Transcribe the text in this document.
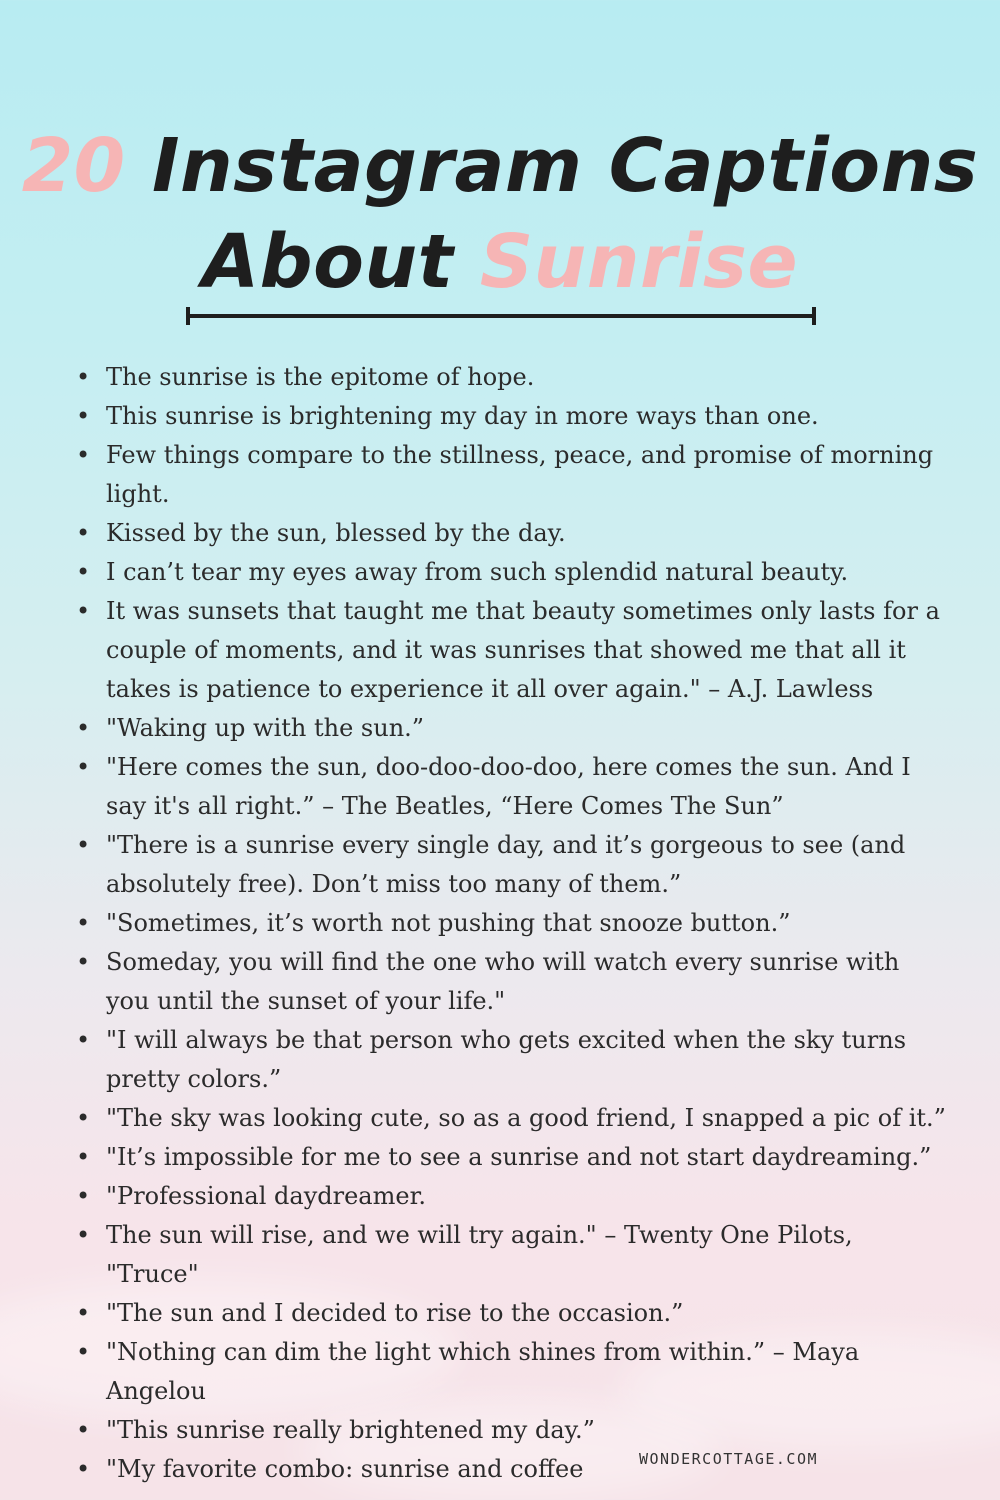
20 Instagram Captions
About Sunrise
• The sunrise is the epitome of hope.
• This sunrise is brightening my day in more ways than one.
• Few things compare to the stillness, peace, and promise of morning light.
• Kissed by the sun, blessed by the day.
• I can’t tear my eyes away from such splendid natural beauty.
• It was sunsets that taught me that beauty sometimes only lasts for a couple of moments, and it was sunrises that showed me that all it takes is patience to experience it all over again." – A.J. Lawless
• "Waking up with the sun.”
• "Here comes the sun, doo-doo-doo-doo, here comes the sun. And I say it's all right.” – The Beatles, “Here Comes The Sun”
• "There is a sunrise every single day, and it’s gorgeous to see (and absolutely free). Don’t miss too many of them.”
• "Sometimes, it’s worth not pushing that snooze button.”
• Someday, you will find the one who will watch every sunrise with you until the sunset of your life."
• "I will always be that person who gets excited when the sky turns pretty colors.”
• "The sky was looking cute, so as a good friend, I snapped a pic of it.”
• "It’s impossible for me to see a sunrise and not start daydreaming.”
• "Professional daydreamer.
• The sun will rise, and we will try again." – Twenty One Pilots, "Truce"
• "The sun and I decided to rise to the occasion.”
• "Nothing can dim the light which shines from within.” – Maya Angelou
• "This sunrise really brightened my day.”
• "My favorite combo: sunrise and coffee	WONDERCOTTAGE.COM
